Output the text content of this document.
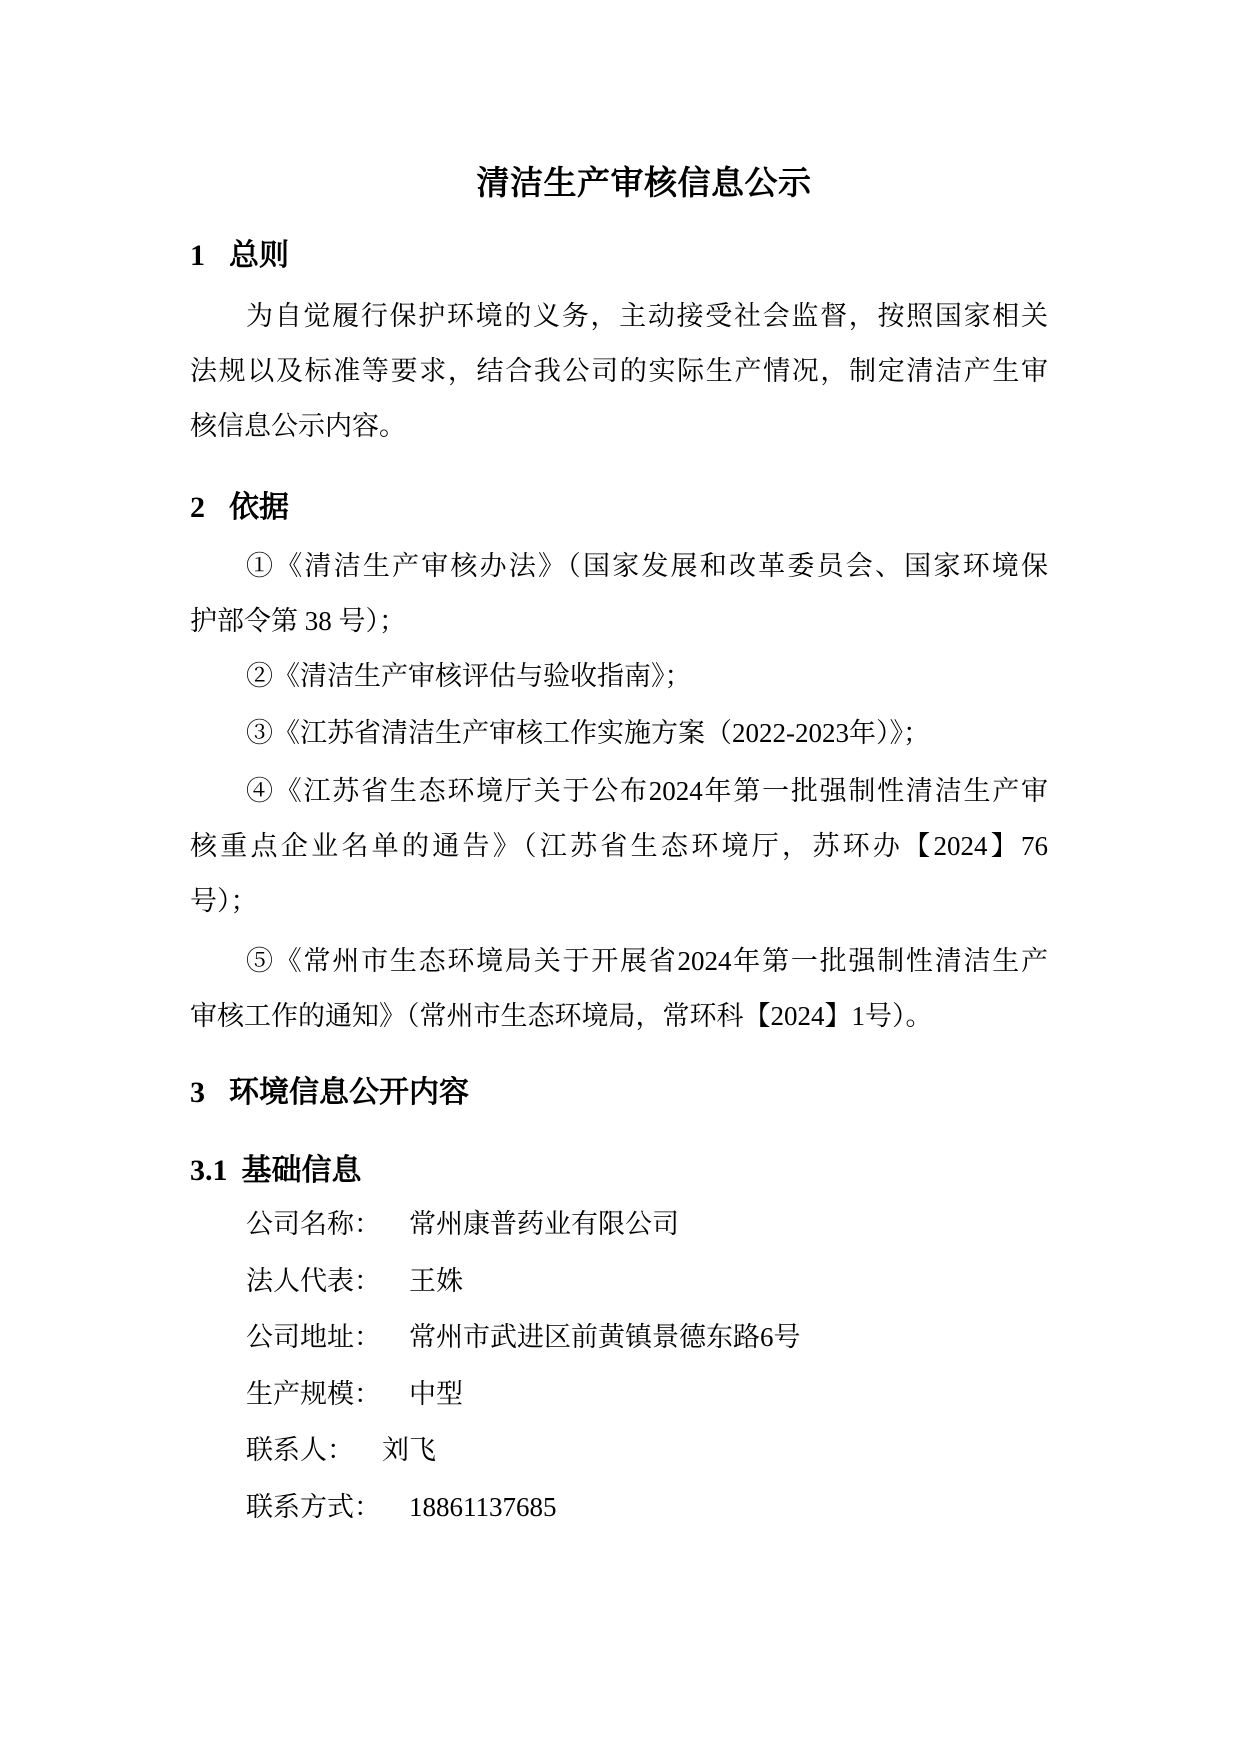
清洁生产审核信息公示
1 总则
为自觉履行保护环境的义务，主动接受社会监督，按照国家相关
法规以及标准等要求，结合我公司的实际生产情况，制定清洁产生审
核信息公示内容。
2 依据
①《清洁生产审核办法》（国家发展和改革委员会、国家环境保
护部令第 38 号）；
②《清洁生产审核评估与验收指南》；
③《江苏省清洁生产审核工作实施方案（2022-2023年）》；
④《江苏省生态环境厅关于公布2024年第一批强制性清洁生产审
核重点企业名单的通告》（江苏省生态环境厅，苏环办【2024】76
号）；
⑤《常州市生态环境局关于开展省2024年第一批强制性清洁生产
审核工作的通知》（常州市生态环境局，常环科【2024】1号）。
3 环境信息公开内容
3.1 基础信息
公司名称： 常州康普药业有限公司
法人代表： 王姝
公司地址： 常州市武进区前黄镇景德东路6号
生产规模： 中型
联系人： 刘飞
联系方式： 18861137685
